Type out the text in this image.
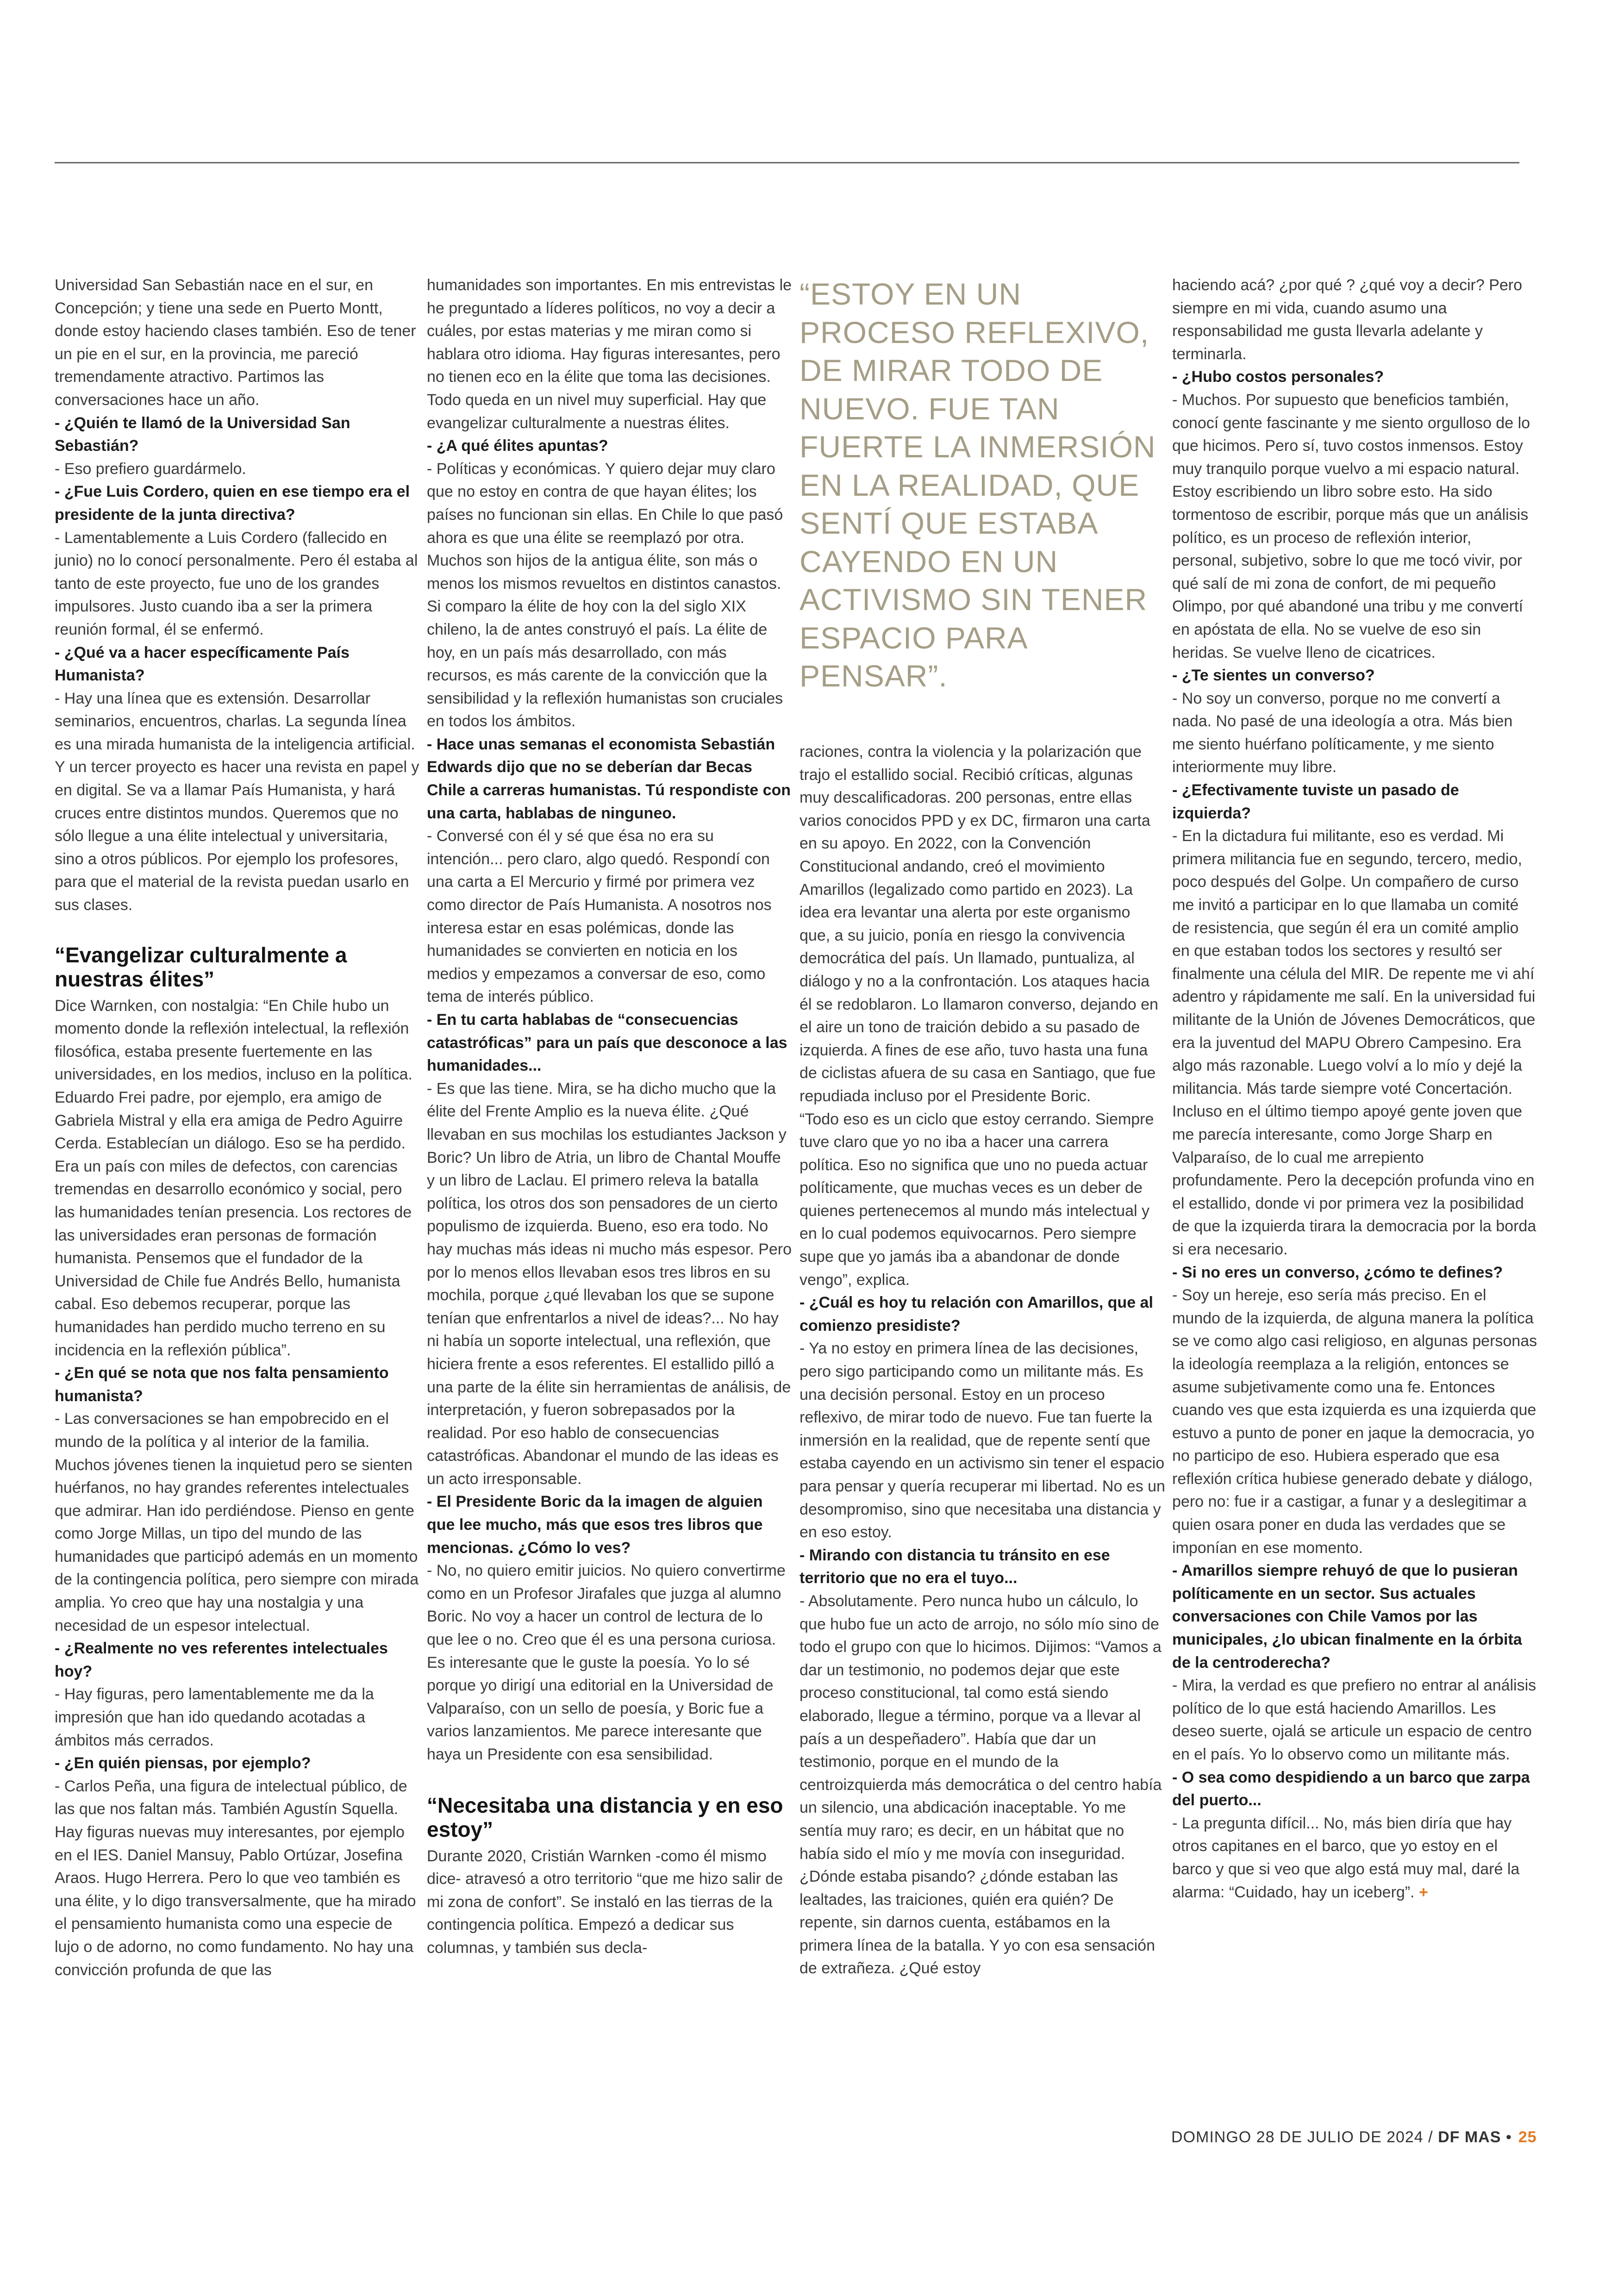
Universidad San Sebastián nace en el sur, en Concepción; y tiene una sede en Puerto Montt, donde estoy haciendo clases también. Eso de tener un pie en el sur, en la provincia, me pareció tremendamente atractivo. Partimos las conversaciones hace un año.

- ¿Quién te llamó de la Universidad San Sebastián?

- Eso prefiero guardármelo.

- ¿Fue Luis Cordero, quien en ese tiempo era el presidente de la junta directiva?

- Lamentablemente a Luis Cordero (fallecido en junio) no lo conocí personalmente. Pero él estaba al tanto de este proyecto, fue uno de los grandes impulsores. Justo cuando iba a ser la primera reunión formal, él se enfermó.

- ¿Qué va a hacer específicamente País Humanista?

- Hay una línea que es extensión. Desarrollar seminarios, encuentros, charlas. La segunda línea es una mirada humanista de la inteligencia artificial. Y un tercer proyecto es hacer una revista en papel y en digital. Se va a llamar País Humanista, y hará cruces entre distintos mundos. Queremos que no sólo llegue a una élite intelectual y universitaria, sino a otros públicos. Por ejemplo los profesores, para que el material de la revista puedan usarlo en sus clases.

“Evangelizar culturalmente a nuestras élites”

Dice Warnken, con nostalgia: “En Chile hubo un momento donde la reflexión intelectual, la reflexión filosófica, estaba presente fuertemente en las universidades, en los medios, incluso en la política. Eduardo Frei padre, por ejemplo, era amigo de Gabriela Mistral y ella era amiga de Pedro Aguirre Cerda. Establecían un diálogo. Eso se ha perdido. Era un país con miles de defectos, con carencias tremendas en desarrollo económico y social, pero las humanidades tenían presencia. Los rectores de las universidades eran personas de formación humanista. Pensemos que el fundador de la Universidad de Chile fue Andrés Bello, humanista cabal. Eso debemos recuperar, porque las humanidades han perdido mucho terreno en su incidencia en la reflexión pública”.

- ¿En qué se nota que nos falta pensamiento humanista?

- Las conversaciones se han empobrecido en el mundo de la política y al interior de la familia. Muchos jóvenes tienen la inquietud pero se sienten huérfanos, no hay grandes referentes intelectuales que admirar. Han ido perdiéndose. Pienso en gente como Jorge Millas, un tipo del mundo de las humanidades que participó además en un momento de la contingencia política, pero siempre con mirada amplia. Yo creo que hay una nostalgia y una necesidad de un espesor intelectual.

- ¿Realmente no ves referentes intelectuales hoy?

- Hay figuras, pero lamentablemente me da la impresión que han ido quedando acotadas a ámbitos más cerrados.

- ¿En quién piensas, por ejemplo?

- Carlos Peña, una figura de intelectual público, de las que nos faltan más. También Agustín Squella. Hay figuras nuevas muy interesantes, por ejemplo en el IES. Daniel Mansuy, Pablo Ortúzar, Josefina Araos. Hugo Herrera. Pero lo que veo también es una élite, y lo digo transversalmente, que ha mirado el pensamiento humanista como una especie de lujo o de adorno, no como fundamento. No hay una convicción profunda de que las

humanidades son importantes. En mis entrevistas le he preguntado a líderes políticos, no voy a decir a cuáles, por estas materias y me miran como si hablara otro idioma. Hay figuras interesantes, pero no tienen eco en la élite que toma las decisiones. Todo queda en un nivel muy superficial. Hay que evangelizar culturalmente a nuestras élites.

- ¿A qué élites apuntas?

- Políticas y económicas. Y quiero dejar muy claro que no estoy en contra de que hayan élites; los países no funcionan sin ellas. En Chile lo que pasó ahora es que una élite se reemplazó por otra. Muchos son hijos de la antigua élite, son más o menos los mismos revueltos en distintos canastos. Si comparo la élite de hoy con la del siglo XIX chileno, la de antes construyó el país. La élite de hoy, en un país más desarrollado, con más recursos, es más carente de la convicción que la sensibilidad y la reflexión humanistas son cruciales en todos los ámbitos.

- Hace unas semanas el economista Sebastián Edwards dijo que no se deberían dar Becas Chile a carreras humanistas. Tú respondiste con una carta, hablabas de ninguneo.

- Conversé con él y sé que ésa no era su intención... pero claro, algo quedó. Respondí con una carta a El Mercurio y firmé por primera vez como director de País Humanista. A nosotros nos interesa estar en esas polémicas, donde las humanidades se convierten en noticia en los medios y empezamos a conversar de eso, como tema de interés público.

- En tu carta hablabas de “consecuencias catastróficas” para un país que desconoce a las humanidades...

- Es que las tiene. Mira, se ha dicho mucho que la élite del Frente Amplio es la nueva élite. ¿Qué llevaban en sus mochilas los estudiantes Jackson y Boric? Un libro de Atria, un libro de Chantal Mouffe y un libro de Laclau. El primero releva la batalla política, los otros dos son pensadores de un cierto populismo de izquierda. Bueno, eso era todo. No hay muchas más ideas ni mucho más espesor. Pero por lo menos ellos llevaban esos tres libros en su mochila, porque ¿qué llevaban los que se supone tenían que enfrentarlos a nivel de ideas?... No hay ni había un soporte intelectual, una reflexión, que hiciera frente a esos referentes. El estallido pilló a una parte de la élite sin herramientas de análisis, de interpretación, y fueron sobrepasados por la realidad. Por eso hablo de consecuencias catastróficas. Abandonar el mundo de las ideas es un acto irresponsable.

- El Presidente Boric da la imagen de alguien que lee mucho, más que esos tres libros que mencionas. ¿Cómo lo ves?

- No, no quiero emitir juicios. No quiero convertirme como en un Profesor Jirafales que juzga al alumno Boric. No voy a hacer un control de lectura de lo que lee o no. Creo que él es una persona curiosa. Es interesante que le guste la poesía. Yo lo sé porque yo dirigí una editorial en la Universidad de Valparaíso, con un sello de poesía, y Boric fue a varios lanzamientos. Me parece interesante que haya un Presidente con esa sensibilidad.

“Necesitaba una distancia y en eso estoy”

Durante 2020, Cristián Warnken -como él mismo dice- atravesó a otro territorio “que me hizo salir de mi zona de confort”. Se instaló en las tierras de la contingencia política. Empezó a dedicar sus columnas, y también sus decla-

“ESTOY EN UN PROCESO REFLEXIVO, DE MIRAR TODO DE NUEVO. FUE TAN FUERTE LA INMERSIÓN EN LA REALIDAD, QUE SENTÍ QUE ESTABA CAYENDO EN UN ACTIVISMO SIN TENER ESPACIO PARA PENSAR”.

raciones, contra la violencia y la polarización que trajo el estallido social. Recibió críticas, algunas muy descalificadoras. 200 personas, entre ellas varios conocidos PPD y ex DC, firmaron una carta en su apoyo. En 2022, con la Convención Constitucional andando, creó el movimiento Amarillos (legalizado como partido en 2023). La idea era levantar una alerta por este organismo que, a su juicio, ponía en riesgo la convivencia democrática del país. Un llamado, puntualiza, al diálogo y no a la confrontación. Los ataques hacia él se redoblaron. Lo llamaron converso, dejando en el aire un tono de traición debido a su pasado de izquierda. A fines de ese año, tuvo hasta una funa de ciclistas afuera de su casa en Santiago, que fue repudiada incluso por el Presidente Boric.

“Todo eso es un ciclo que estoy cerrando. Siempre tuve claro que yo no iba a hacer una carrera política. Eso no significa que uno no pueda actuar políticamente, que muchas veces es un deber de quienes pertenecemos al mundo más intelectual y en lo cual podemos equivocarnos. Pero siempre supe que yo jamás iba a abandonar de donde vengo”, explica.

- ¿Cuál es hoy tu relación con Amarillos, que al comienzo presidiste?

- Ya no estoy en primera línea de las decisiones, pero sigo participando como un militante más. Es una decisión personal. Estoy en un proceso reflexivo, de mirar todo de nuevo. Fue tan fuerte la inmersión en la realidad, que de repente sentí que estaba cayendo en un activismo sin tener el espacio para pensar y quería recuperar mi libertad. No es un desompromiso, sino que necesitaba una distancia y en eso estoy.

- Mirando con distancia tu tránsito en ese territorio que no era el tuyo...

- Absolutamente. Pero nunca hubo un cálculo, lo que hubo fue un acto de arrojo, no sólo mío sino de todo el grupo con que lo hicimos. Dijimos: “Vamos a dar un testimonio, no podemos dejar que este proceso constitucional, tal como está siendo elaborado, llegue a término, porque va a llevar al país a un despeñadero”. Había que dar un testimonio, porque en el mundo de la centroizquierda más democrática o del centro había un silencio, una abdicación inaceptable. Yo me sentía muy raro; es decir, en un hábitat que no había sido el mío y me movía con inseguridad. ¿Dónde estaba pisando? ¿dónde estaban las lealtades, las traiciones, quién era quién? De repente, sin darnos cuenta, estábamos en la primera línea de la batalla. Y yo con esa sensación de extrañeza. ¿Qué estoy

haciendo acá? ¿por qué ? ¿qué voy a decir? Pero siempre en mi vida, cuando asumo una responsabilidad me gusta llevarla adelante y terminarla.

- ¿Hubo costos personales?

- Muchos. Por supuesto que beneficios también, conocí gente fascinante y me siento orgulloso de lo que hicimos. Pero sí, tuvo costos inmensos. Estoy muy tranquilo porque vuelvo a mi espacio natural. Estoy escribiendo un libro sobre esto. Ha sido tormentoso de escribir, porque más que un análisis político, es un proceso de reflexión interior, personal, subjetivo, sobre lo que me tocó vivir, por qué salí de mi zona de confort, de mi pequeño Olimpo, por qué abandoné una tribu y me convertí en apóstata de ella. No se vuelve de eso sin heridas. Se vuelve lleno de cicatrices.

- ¿Te sientes un converso?

- No soy un converso, porque no me convertí a nada. No pasé de una ideología a otra. Más bien me siento huérfano políticamente, y me siento interiormente muy libre.

- ¿Efectivamente tuviste un pasado de izquierda?

- En la dictadura fui militante, eso es verdad. Mi primera militancia fue en segundo, tercero, medio, poco después del Golpe. Un compañero de curso me invitó a participar en lo que llamaba un comité de resistencia, que según él era un comité amplio en que estaban todos los sectores y resultó ser finalmente una célula del MIR. De repente me vi ahí adentro y rápidamente me salí. En la universidad fui militante de la Unión de Jóvenes Democráticos, que era la juventud del MAPU Obrero Campesino. Era algo más razonable. Luego volví a lo mío y dejé la militancia. Más tarde siempre voté Concertación. Incluso en el último tiempo apoyé gente joven que me parecía interesante, como Jorge Sharp en Valparaíso, de lo cual me arrepiento profundamente. Pero la decepción profunda vino en el estallido, donde vi por primera vez la posibilidad de que la izquierda tirara la democracia por la borda si era necesario.

- Si no eres un converso, ¿cómo te defines?

- Soy un hereje, eso sería más preciso. En el mundo de la izquierda, de alguna manera la política se ve como algo casi religioso, en algunas personas la ideología reemplaza a la religión, entonces se asume subjetivamente como una fe. Entonces cuando ves que esta izquierda es una izquierda que estuvo a punto de poner en jaque la democracia, yo no participo de eso. Hubiera esperado que esa reflexión crítica hubiese generado debate y diálogo, pero no: fue ir a castigar, a funar y a deslegitimar a quien osara poner en duda las verdades que se imponían en ese momento.

- Amarillos siempre rehuyó de que lo pusieran políticamente en un sector. Sus actuales conversaciones con Chile Vamos por las municipales, ¿lo ubican finalmente en la órbita de la centroderecha?

- Mira, la verdad es que prefiero no entrar al análisis político de lo que está haciendo Amarillos. Les deseo suerte, ojalá se articule un espacio de centro en el país. Yo lo observo como un militante más.

- O sea como despidiendo a un barco que zarpa del puerto...

- La pregunta difícil... No, más bien diría que hay otros capitanes en el barco, que yo estoy en el barco y que si veo que algo está muy mal, daré la alarma: “Cuidado, hay un iceberg”. +

DOMINGO 28 DE JULIO DE 2024 / DF MAS • 25
